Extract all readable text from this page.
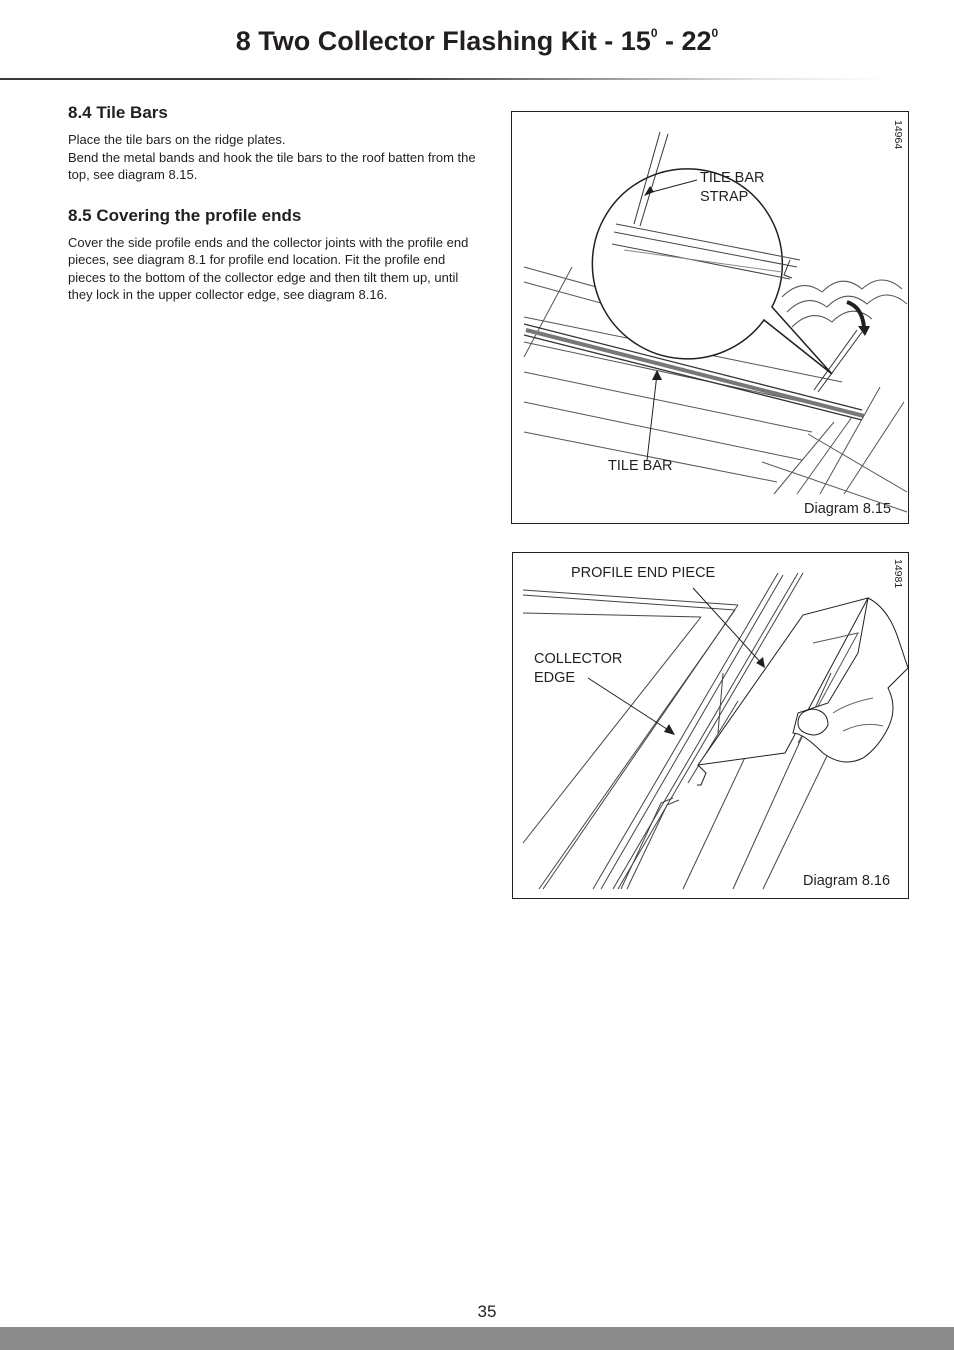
8 Two Collector Flashing Kit - $15^0 - 22^0$
8.4 Tile Bars

Place the tile bars on the ridge plates.
Bend the metal bands and hook the tile bars to the roof batten from the top, see diagram 8.15.

8.5 Covering the profile ends

Cover the side profile ends and the collector joints with the profile end pieces, see diagram 8.1 for profile end location. Fit the profile end pieces to the bottom of the collector edge and then tilt them up, until they lock in the upper collector edge, see diagram 8.16.

TILE BAR
STRAP
TILE BAR
14964
Diagram 8.15
PROFILE END PIECE
COLLECTOR
EDGE
14981
Diagram 8.16
35
